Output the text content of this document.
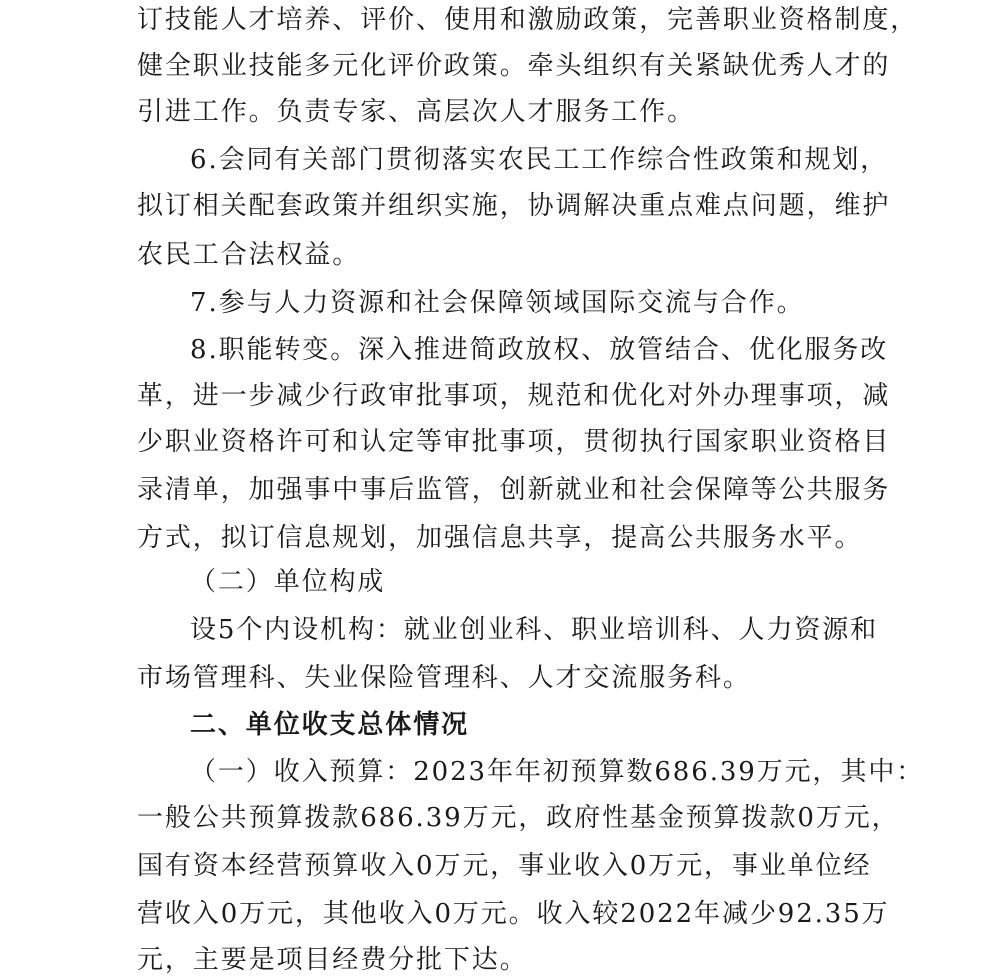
订技能人才培养、评价、使用和激励政策，完善职业资格制度，
健全职业技能多元化评价政策。牵头组织有关紧缺优秀人才的
引进工作。负责专家、高层次人才服务工作。
6.会同有关部门贯彻落实农民工工作综合性政策和规划，
拟订相关配套政策并组织实施，协调解决重点难点问题，维护
农民工合法权益。
7.参与人力资源和社会保障领域国际交流与合作。
8.职能转变。深入推进简政放权、放管结合、优化服务改
革，进一步减少行政审批事项，规范和优化对外办理事项，减
少职业资格许可和认定等审批事项，贯彻执行国家职业资格目
录清单，加强事中事后监管，创新就业和社会保障等公共服务
方式，拟订信息规划，加强信息共享，提高公共服务水平。
（二）单位构成
设5个内设机构：就业创业科、职业培训科、人力资源和
市场管理科、失业保险管理科、人才交流服务科。
二、单位收支总体情况
（一）收入预算：2023年年初预算数686.39万元，其中：
一般公共预算拨款686.39万元，政府性基金预算拨款0万元，
国有资本经营预算收入0万元，事业收入0万元，事业单位经
营收入0万元，其他收入0万元。收入较2022年减少92.35万
元，主要是项目经费分批下达。
